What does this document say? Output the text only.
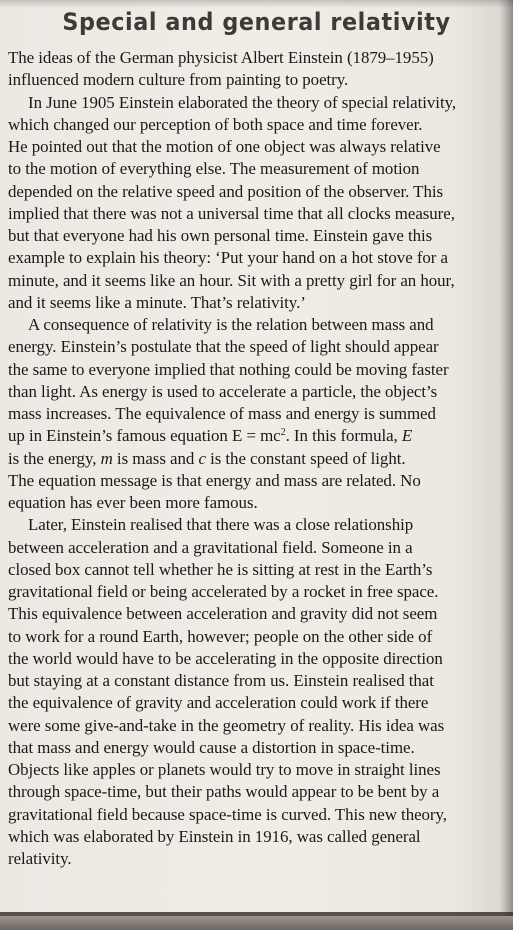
Special and general relativity
The ideas of the German physicist Albert Einstein (1879–1955)
influenced modern culture from painting to poetry.
In June 1905 Einstein elaborated the theory of special relativity,
which changed our perception of both space and time forever.
He pointed out that the motion of one object was always relative
to the motion of everything else. The measurement of motion
depended on the relative speed and position of the observer. This
implied that there was not a universal time that all clocks measure,
but that everyone had his own personal time. Einstein gave this
example to explain his theory: ‘Put your hand on a hot stove for a
minute, and it seems like an hour. Sit with a pretty girl for an hour,
and it seems like a minute. That’s relativity.’
A consequence of relativity is the relation between mass and
energy. Einstein’s postulate that the speed of light should appear
the same to everyone implied that nothing could be moving faster
than light. As energy is used to accelerate a particle, the object’s
mass increases. The equivalence of mass and energy is summed
up in Einstein’s famous equation $E = mc^2$. In this formula, E
is the energy, m is mass and c is the constant speed of light.
The equation message is that energy and mass are related. No
equation has ever been more famous.
Later, Einstein realised that there was a close relationship
between acceleration and a gravitational field. Someone in a
closed box cannot tell whether he is sitting at rest in the Earth’s
gravitational field or being accelerated by a rocket in free space.
This equivalence between acceleration and gravity did not seem
to work for a round Earth, however; people on the other side of
the world would have to be accelerating in the opposite direction
but staying at a constant distance from us. Einstein realised that
the equivalence of gravity and acceleration could work if there
were some give-and-take in the geometry of reality. His idea was
that mass and energy would cause a distortion in space-time.
Objects like apples or planets would try to move in straight lines
through space-time, but their paths would appear to be bent by a
gravitational field because space-time is curved. This new theory,
which was elaborated by Einstein in 1916, was called general
relativity.
